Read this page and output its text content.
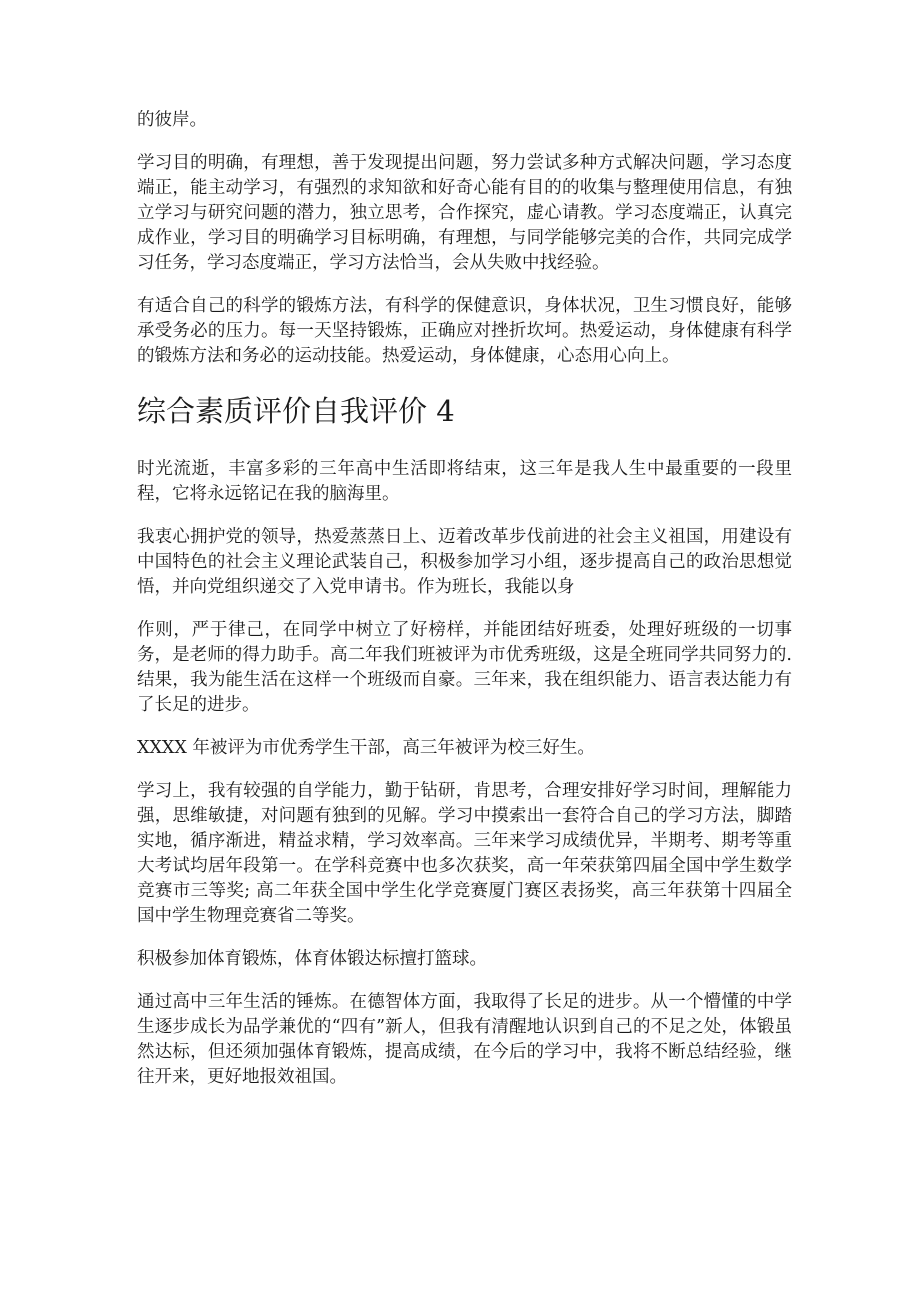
的彼岸。

学习目的明确，有理想，善于发现提出问题，努力尝试多种方式解决问题，学习态度端正，能主动学习，有强烈的求知欲和好奇心能有目的的收集与整理使用信息，有独立学习与研究问题的潜力，独立思考，合作探究，虚心请教。学习态度端正，认真完成作业，学习目的明确学习目标明确，有理想，与同学能够完美的合作，共同完成学习任务，学习态度端正，学习方法恰当，会从失败中找经验。

有适合自己的科学的锻炼方法，有科学的保健意识，身体状况，卫生习惯良好，能够承受务必的压力。每一天坚持锻炼，正确应对挫折坎坷。热爱运动，身体健康有科学的锻炼方法和务必的运动技能。热爱运动，身体健康，心态用心向上。

综合素质评价自我评价 4

时光流逝，丰富多彩的三年高中生活即将结束，这三年是我人生中最重要的一段里程，它将永远铭记在我的脑海里。

我衷心拥护党的领导，热爱蒸蒸日上、迈着改革步伐前进的社会主义祖国，用建设有中国特色的社会主义理论武装自己，积极参加学习小组，逐步提高自己的政治思想觉悟，并向党组织递交了入党申请书。作为班长，我能以身

作则，严于律己，在同学中树立了好榜样，并能团结好班委，处理好班级的一切事务，是老师的得力助手。高二年我们班被评为市优秀班级，这是全班同学共同努力的.结果，我为能生活在这样一个班级而自豪。三年来，我在组织能力、语言表达能力有了长足的进步。

XXXX 年被评为市优秀学生干部，高三年被评为校三好生。

学习上，我有较强的自学能力，勤于钻研，肯思考，合理安排好学习时间，理解能力强，思维敏捷，对问题有独到的见解。学习中摸索出一套符合自己的学习方法，脚踏实地，循序渐进，精益求精，学习效率高。三年来学习成绩优异，半期考、期考等重大考试均居年段第一。在学科竞赛中也多次获奖，高一年荣获第四届全国中学生数学竞赛市三等奖; 高二年获全国中学生化学竞赛厦门赛区表扬奖，高三年获第十四届全国中学生物理竞赛省二等奖。

积极参加体育锻炼，体育体锻达标擅打篮球。

通过高中三年生活的锤炼。在德智体方面，我取得了长足的进步。从一个懵懂的中学生逐步成长为品学兼优的“四有”新人，但我有清醒地认识到自己的不足之处，体锻虽然达标，但还须加强体育锻炼，提高成绩，在今后的学习中，我将不断总结经验，继往开来，更好地报效祖国。
